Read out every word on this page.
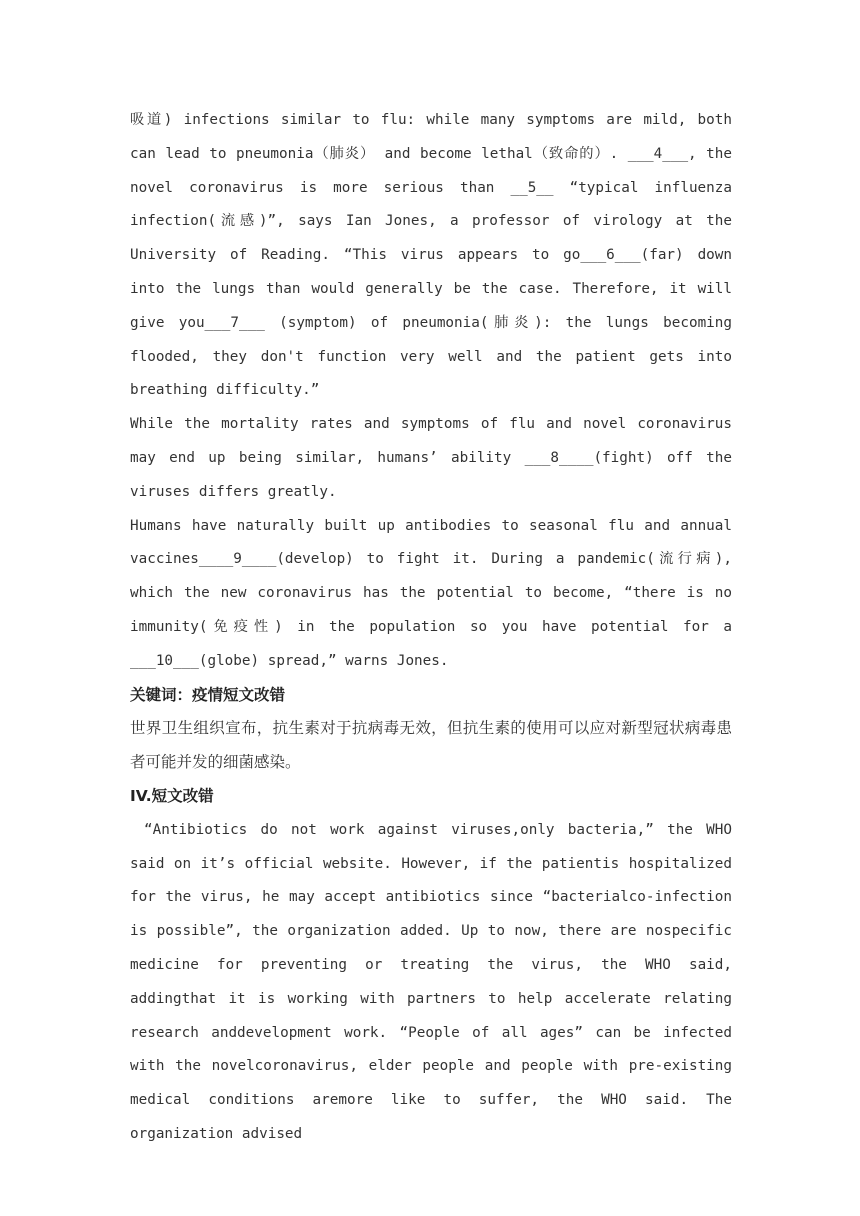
吸道) infections similar to flu: while many symptoms are mild, both can lead to pneumonia（肺炎） and become lethal（致命的）. ___4___, the novel coronavirus is more serious than __5__ “typical influenza infection(流感)”, says Ian Jones, a professor of virology at the University of Reading. “This virus appears to go___6___(far) down into the lungs than would generally be the case. Therefore, it will give you___7___ (symptom) of pneumonia(肺炎): the lungs becoming flooded, they don't function very well and the patient gets into breathing difficulty.”

While the mortality rates and symptoms of flu and novel coronavirus may end up being similar, humans’ ability ___8____(fight) off the viruses differs greatly.

Humans have naturally built up antibodies to seasonal flu and annual vaccines____9____(develop) to fight it. During a pandemic(流行病), which the new coronavirus has the potential to become, “there is no immunity(免疫性) in the population so you have potential for a ___10___(globe) spread,” warns Jones.

关键词：疫情短文改错

世界卫生组织宣布，抗生素对于抗病毒无效，但抗生素的使用可以应对新型冠状病毒患者可能并发的细菌感染。

IV.短文改错

“Antibiotics do not work against viruses,only bacteria,” the WHO said on it’s official website. However, if the patientis hospitalized for the virus, he may accept antibiotics since “bacterialco-infection is possible”, the organization added. Up to now, there are nospecific medicine for preventing or treating the virus, the WHO said, addingthat it is working with partners to help accelerate relating research anddevelopment work. “People of all ages” can be infected with the novelcoronavirus, elder people and people with pre-existing medical conditions aremore like to suffer, the WHO said. The organization advised
